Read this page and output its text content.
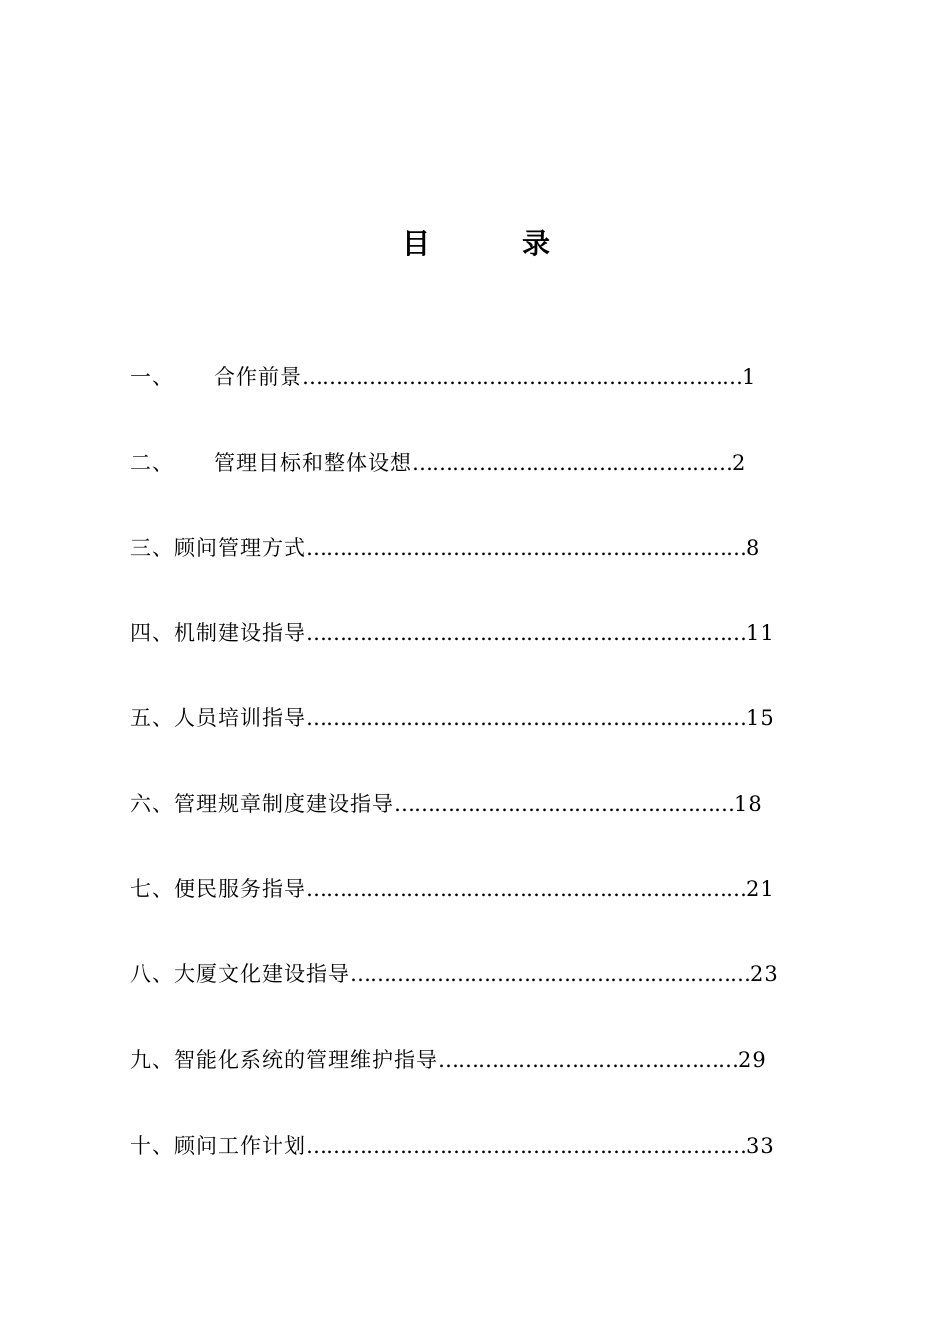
目	录
一、 合作前景…………………………………………………………1
二、 管理目标和整体设想…………………………………………2
三、顾问管理方式…………………………………………………………8
四、机制建设指导…………………………………………………………11
五、人员培训指导…………………………………………………………15
六、管理规章制度建设指导……………………………………………18
七、便民服务指导…………………………………………………………21
八、大厦文化建设指导……………………………………………………23
九、智能化系统的管理维护指导………………………………………29
十、顾问工作计划…………………………………………………………33
